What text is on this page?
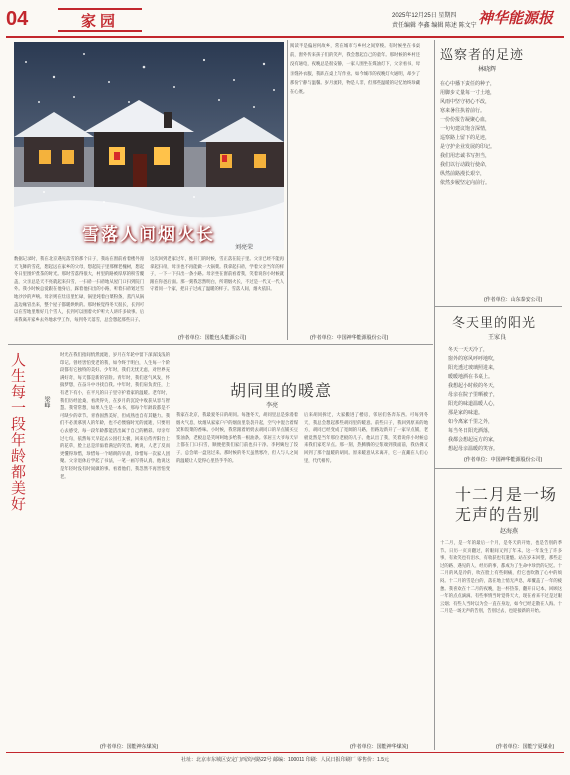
04	家园	2025年12月25日 星期四
责任编辑 李鑫 编辑 陈述 陈文宁 神华能源报
雪落人间烟火长
刘亮荣
数据记录时，我在北京遇见落雪的那个日子，我站在窗前看着楼外漫天飞舞的雪花，想起远在家乡的父母，想起院子里那棵老槐树，想起冬日里围炉煮茶的时光。那时雪落得很大，村里的路被厚厚的积雪覆盖，父亲总是天不亮就起来扫雪，一扫帚一扫帚地从屋门口扫到院门外。我小时候总爱跟在他身后，踩着他扫出的小路，听着扫帚划过雪地沙沙的声响。母亲则在灶房里忙碌，锅里炖着白菜粉条，蒸汽从锅盖边缘冒出来，整个屋子都暖烘烘的。那时候觉得冬天很长，长到可以在雪地里堆好几个雪人，长到可以围着火炉听大人讲许多故事。后来我离开家乡去外地求学工作，每到冬天落雪，总会想起那些日子。
这次回到老家过年，推开门的时候，雪正落在院子里。父亲已经不能再拿起扫帚，母亲也不再能做一大锅菜。我拿起扫帚，学着父亲当年的样子，一下一下扫出一条小路。母亲坐在窗前看着我，笑着说你小时候就跟在你爸后面。那一刻我忽然明白，所谓烟火长，不过是一代又一代人守着同一个家，把日子过成了温暖的样子。雪落人间，烟火依旧。
(作者单位：国能包头能源公司)
阅读半是偏居何故乡，常在城市与乡村之间穿梭。有时候坐在书桌前，窗外传来孩子们的笑声，我会想起自己的童年。那时候的乡村还没有通电，夜晚总是很安静，一家人围坐在煤油灯下，父亲看书，母亲缝补衣服，我趴在桌上写作业。如今城市的夜晚灯火通明，却少了那份宁静与温馨。岁月流转，物是人非，但那些温暖的记忆始终珍藏在心底。
(作者单位：中国神华能源股份公司)
巡察者的足迹
林晓辉
在心中播下责任的种子，
用脚步丈量每一寸土地，
风雨中坚守初心不改，
寒来暑往执着前行。
一份份报告凝聚心血，
一句句建议饱含深情，
巡察路上留下的足迹，
是守护企业发展的印记。
我们用忠诚书写担当，
我们以行动践行使命，
纵然前路漫长艰辛，
依然步履坚定向前行。
(作者单位：山东泰安公司)
冬天里的阳光
王家良
冬天一天天冷了，
窗外的寒风呼呼地吹，
阳光透过玻璃照进来，
暖暖地洒在书桌上。
我想起小时候的冬天，
母亲在院子里晒被子，
阳光的味道温暖人心，
那是家的味道。
如今离家千里之外，
每当冬日阳光洒落，
我都会想起远方的家，
想起母亲温暖的笑容。
(作者单位：中国神华能源股份公司)
十二月是一场
无声的告别
赵海燕
十二月，是一年的最后一个月，是冬天的开始，也是告别的季节。日历一页页翻过，转眼间又到了年末。这一年发生了许多事，有欢笑也有泪水，有收获也有遗憾。站在岁末回望，那些走过的路、遇见的人、经历的事，都成为了生命中珍贵的记忆。十二月的风是冷的，吹在脸上有些刺痛，但它也吹散了心中的烦闷。十二月的雪是白的，落在地上悄无声息，却覆盖了一年的疲惫。我喜欢在十二月的夜晚，泡一杯热茶，翻开日记本，回顾这一年的点点滴滴。有些事情当时觉得天大，现在看来不过是过眼云烟；有些人当时以为会一直在身边，如今已经走散在人海。十二月是一场无声的告别，告别过去，也迎接新的开始。
(作者单位：国能宁夏煤业)
人生每一段年龄都美好	梁峰
时光在我们指间悄然流逝，岁月在年轮中留下深深浅浅的印记。曾经害怕变老的我，如今终于明白，人生每一个阶段都有它独特的美好。少年时，我们无忧无虑，对世界充满好奇，每天都是新的冒险。青年时，我们意气风发，怀揣梦想，在奋斗中寻找自我。中年时，我们肩负责任，上有老下有小，在平凡的日子里守护着家的温暖。老年时，我们历经沧桑，看淡得失，在岁月的沉淀中收获从容与智慧。我常常想，如果人生是一本书，那每个年龄段都是不可缺少的章节。青春固然美好，但成熟也自有其魅力。我们不必羡慕别人的年龄，也不必懊恼时光的流逝，只要用心去感受，每一段年龄都能活出属于自己的精彩。母亲年过七旬，依然每天早起去公园打太极，回来后侍弄阳台上的花草，脸上总是洋溢着满足的笑容。她说，人老了反而更懂得珍惜，珍惜每一个晴朗的早晨，珍惜每一次家人团聚。父亲退休后学起了书法，一笔一画写得认真，他说这是年轻时没有时间做的事。看着他们，我忽然不再害怕变老。
(作者单位：国能神东煤炭)
胡同里的暖意
李亮
我家在北京，我最爱冬日的胡同。每逢冬天，胡同里总是弥漫着烟火气息，炊烟从家家户户的烟囱里袅袅升起，空气中混合着煤炭和饭菜的香味。小时候，我常跟着奶奶去胡同口的早点铺买豆浆油条，老板总是笑呵呵地多给我一根油条。邻居王大爷每天早上都在门口扫雪，顺便把我们家门前也扫干净。李阿姨包了饺子，总会端一盘送过来。那时候的冬天虽然寒冷，但人与人之间的温暖让人觉得心里热乎乎的。
后来胡同拆迁，大家搬进了楼房，邻居们各奔东西。可每到冬天，我总会想起那些胡同里的暖意。前些日子，我回到原来的地方，胡同已经变成了宽阔的马路，但路边新开了一家早点铺，老板竟然是当年那位老板的儿子。他认出了我，笑着说你小时候总来我们家吃早点。那一刻，热腾腾的豆浆端到我面前，我仿佛又回到了那个温暖的胡同。原来暖意从未离开，它一直藏在人们心里，代代相传。
(作者单位：国能神华煤炭)
社址：北京市东城区安定门西滨河路22号 邮编：100011 印刷：人民日报印刷厂 零售价：1.5元
